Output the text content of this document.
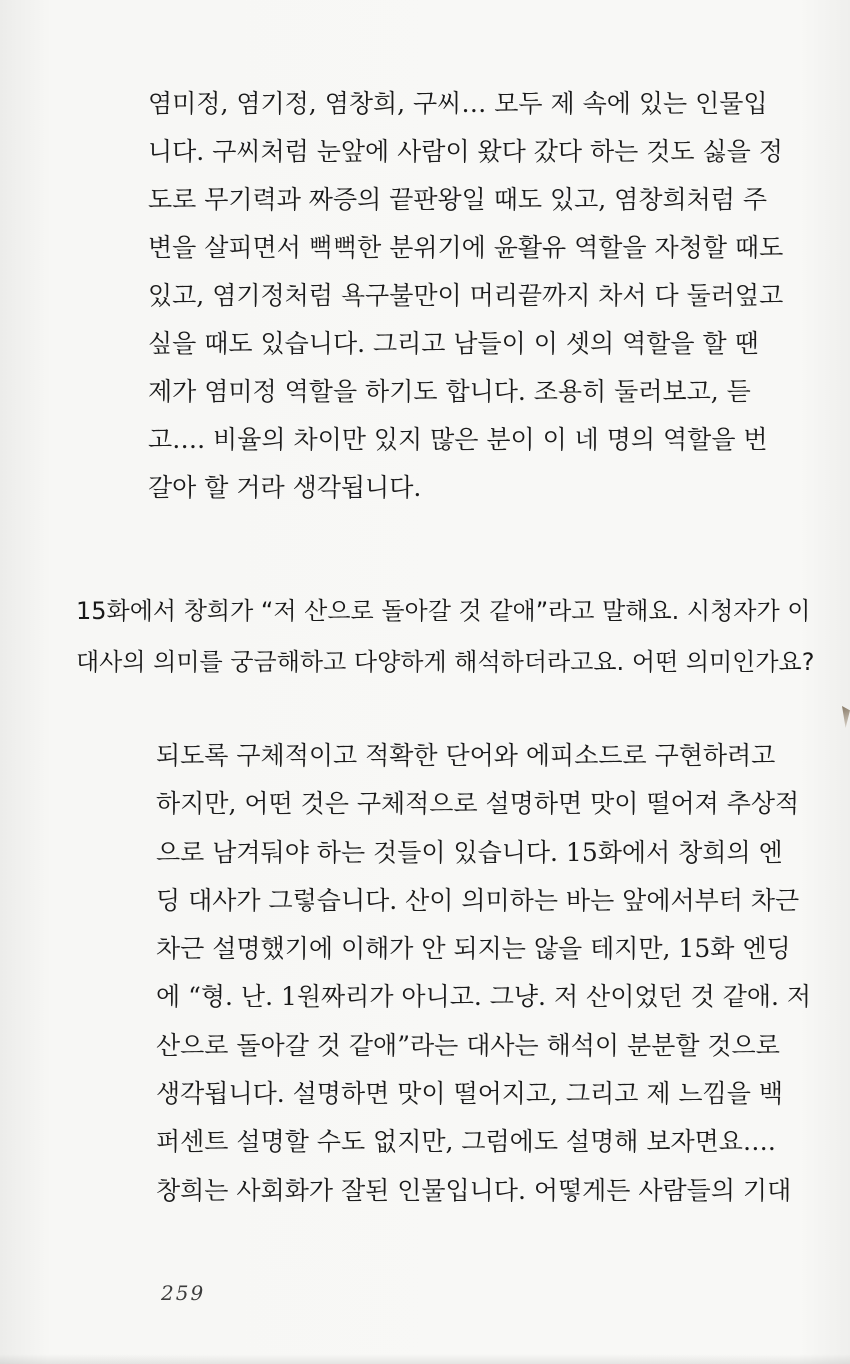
염미정, 염기정, 염창희, 구씨… 모두 제 속에 있는 인물입
니다. 구씨처럼 눈앞에 사람이 왔다 갔다 하는 것도 싫을 정
도로 무기력과 짜증의 끝판왕일 때도 있고, 염창희처럼 주
변을 살피면서 뻑뻑한 분위기에 윤활유 역할을 자청할 때도
있고, 염기정처럼 욕구불만이 머리끝까지 차서 다 둘러엎고
싶을 때도 있습니다. 그리고 남들이 이 셋의 역할을 할 땐
제가 염미정 역할을 하기도 합니다. 조용히 둘러보고, 듣
고…. 비율의 차이만 있지 많은 분이 이 네 명의 역할을 번
갈아 할 거라 생각됩니다.
15화에서 창희가 “저 산으로 돌아갈 것 같애”라고 말해요. 시청자가 이
대사의 의미를 궁금해하고 다양하게 해석하더라고요. 어떤 의미인가요?
되도록 구체적이고 적확한 단어와 에피소드로 구현하려고
하지만, 어떤 것은 구체적으로 설명하면 맛이 떨어져 추상적
으로 남겨둬야 하는 것들이 있습니다. 15화에서 창희의 엔
딩 대사가 그렇습니다. 산이 의미하는 바는 앞에서부터 차근
차근 설명했기에 이해가 안 되지는 않을 테지만, 15화 엔딩
에 “형. 난. 1원짜리가 아니고. 그냥. 저 산이었던 것 같애. 저
산으로 돌아갈 것 같애”라는 대사는 해석이 분분할 것으로
생각됩니다. 설명하면 맛이 떨어지고, 그리고 제 느낌을 백
퍼센트 설명할 수도 없지만, 그럼에도 설명해 보자면요….
창희는 사회화가 잘된 인물입니다. 어떻게든 사람들의 기대
259
